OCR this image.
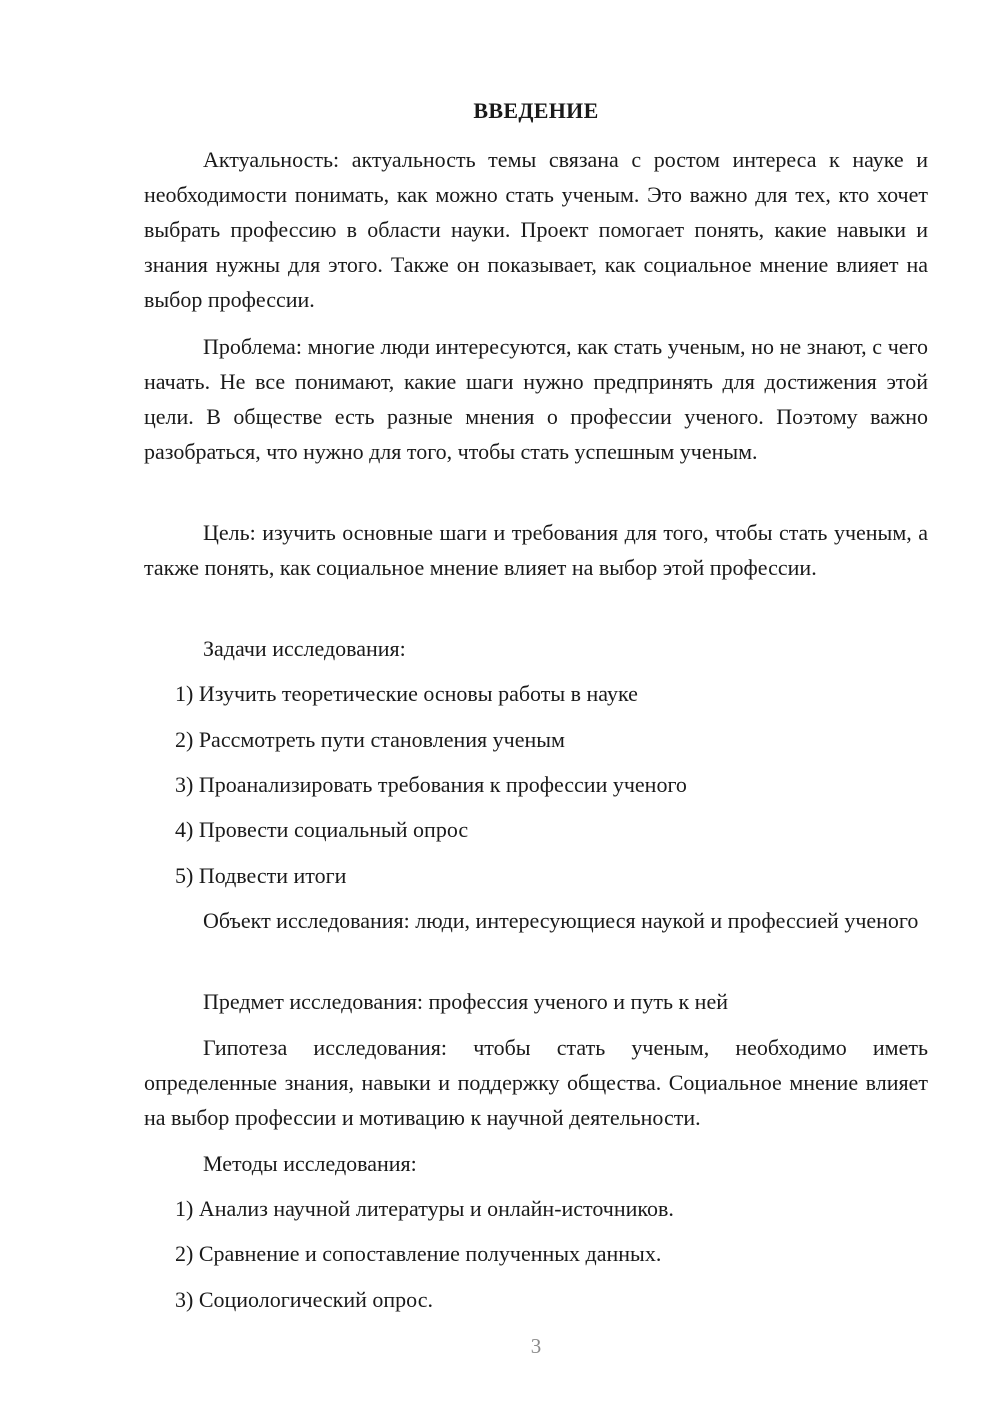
ВВЕДЕНИЕ

Актуальность: актуальность темы связана с ростом интереса к науке и необходимости понимать, как можно стать ученым. Это важно для тех, кто хочет выбрать профессию в области науки. Проект помогает понять, какие навыки и знания нужны для этого. Также он показывает, как социальное мнение влияет на выбор профессии.

Проблема: многие люди интересуются, как стать ученым, но не знают, с чего начать. Не все понимают, какие шаги нужно предпринять для достижения этой цели. В обществе есть разные мнения о профессии ученого. Поэтому важно разобраться, что нужно для того, чтобы стать успешным ученым.

Цель: изучить основные шаги и требования для того, чтобы стать ученым, а также понять, как социальное мнение влияет на выбор этой профессии.

Задачи исследования:

1) Изучить теоретические основы работы в науке

2) Рассмотреть пути становления ученым

3) Проанализировать требования к профессии ученого

4) Провести социальный опрос

5) Подвести итоги

Объект исследования: люди, интересующиеся наукой и профессией ученого

Предмет исследования: профессия ученого и путь к ней

Гипотеза исследования: чтобы стать ученым, необходимо иметь определенные знания, навыки и поддержку общества. Социальное мнение влияет на выбор профессии и мотивацию к научной деятельности.

Методы исследования:

1) Анализ научной литературы и онлайн-источников.

2) Сравнение и сопоставление полученных данных.

3) Социологический опрос.

3
